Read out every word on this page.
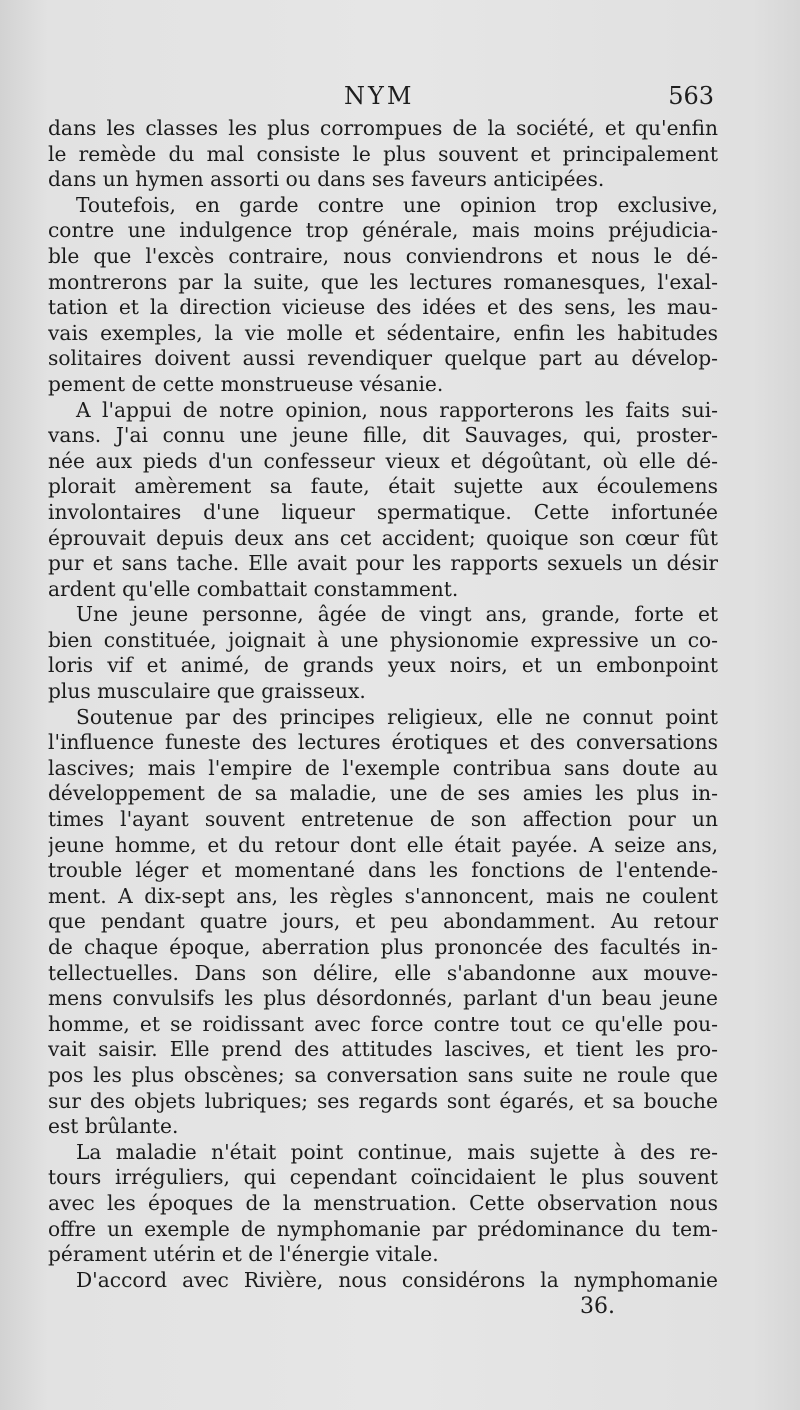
NYM	563
dans les classes les plus corrompues de la société, et qu'enfin
le remède du mal consiste le plus souvent et principalement
dans un hymen assorti ou dans ses faveurs anticipées.
Toutefois, en garde contre une opinion trop exclusive,
contre une indulgence trop générale, mais moins préjudicia-
ble que l'excès contraire, nous conviendrons et nous le dé-
montrerons par la suite, que les lectures romanesques, l'exal-
tation et la direction vicieuse des idées et des sens, les mau-
vais exemples, la vie molle et sédentaire, enfin les habitudes
solitaires doivent aussi revendiquer quelque part au dévelop-
pement de cette monstrueuse vésanie.
A l'appui de notre opinion, nous rapporterons les faits sui-
vans. J'ai connu une jeune fille, dit Sauvages, qui, proster-
née aux pieds d'un confesseur vieux et dégoûtant, où elle dé-
plorait amèrement sa faute, était sujette aux écoulemens
involontaires d'une liqueur spermatique. Cette infortunée
éprouvait depuis deux ans cet accident; quoique son cœur fût
pur et sans tache. Elle avait pour les rapports sexuels un désir
ardent qu'elle combattait constamment.
Une jeune personne, âgée de vingt ans, grande, forte et
bien constituée, joignait à une physionomie expressive un co-
loris vif et animé, de grands yeux noirs, et un embonpoint
plus musculaire que graisseux.
Soutenue par des principes religieux, elle ne connut point
l'influence funeste des lectures érotiques et des conversations
lascives; mais l'empire de l'exemple contribua sans doute au
développement de sa maladie, une de ses amies les plus in-
times l'ayant souvent entretenue de son affection pour un
jeune homme, et du retour dont elle était payée. A seize ans,
trouble léger et momentané dans les fonctions de l'entende-
ment. A dix-sept ans, les règles s'annoncent, mais ne coulent
que pendant quatre jours, et peu abondamment. Au retour
de chaque époque, aberration plus prononcée des facultés in-
tellectuelles. Dans son délire, elle s'abandonne aux mouve-
mens convulsifs les plus désordonnés, parlant d'un beau jeune
homme, et se roidissant avec force contre tout ce qu'elle pou-
vait saisir. Elle prend des attitudes lascives, et tient les pro-
pos les plus obscènes; sa conversation sans suite ne roule que
sur des objets lubriques; ses regards sont égarés, et sa bouche
est brûlante.
La maladie n'était point continue, mais sujette à des re-
tours irréguliers, qui cependant coïncidaient le plus souvent
avec les époques de la menstruation. Cette observation nous
offre un exemple de nymphomanie par prédominance du tem-
pérament utérin et de l'énergie vitale.
D'accord avec Rivière, nous considérons la nymphomanie
36.
